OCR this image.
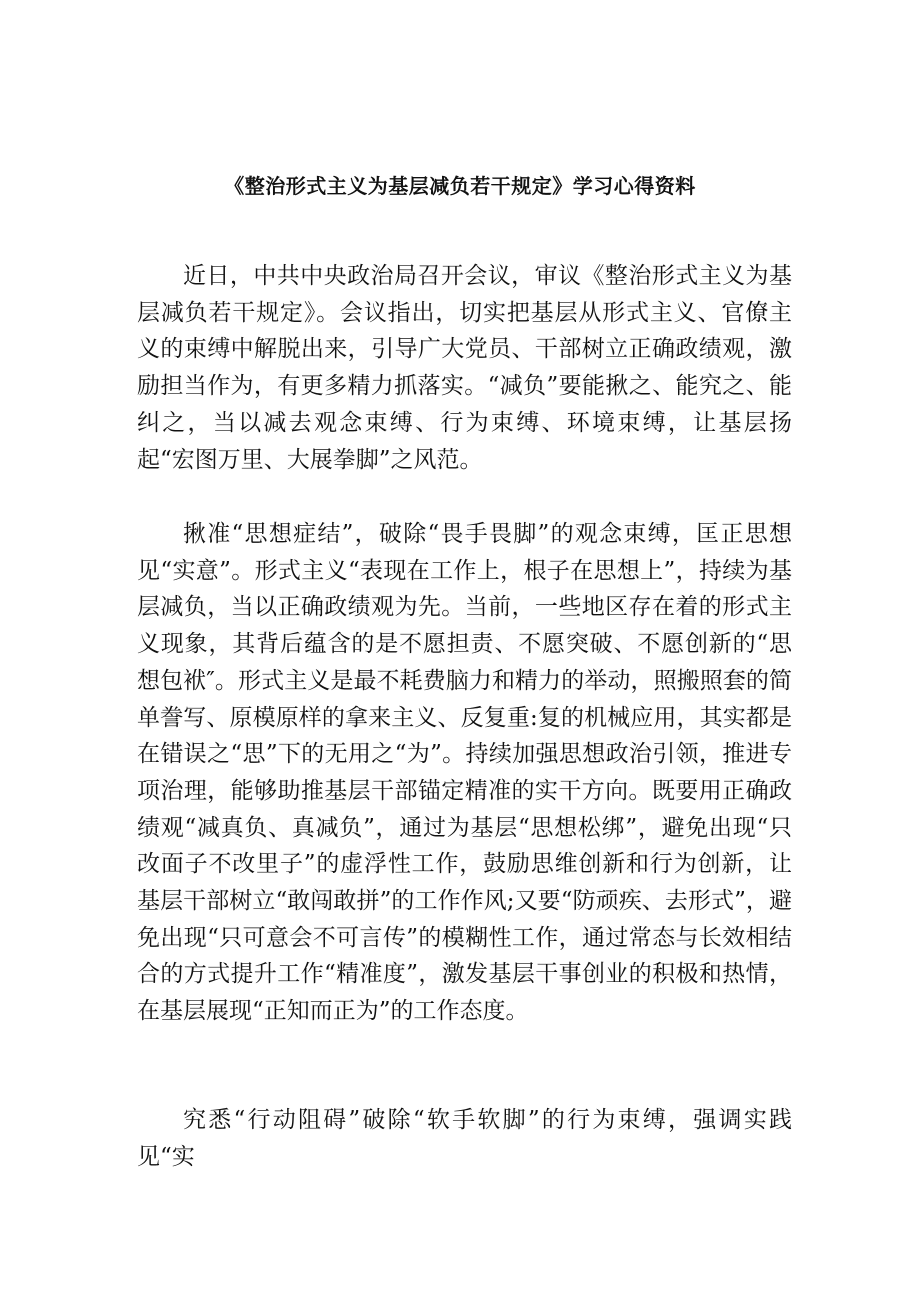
《整治形式主义为基层减负若干规定》学习心得资料

近日，中共中央政治局召开会议，审议《整治形式主义为基层减负若干规定》。会议指出，切实把基层从形式主义、官僚主义的束缚中解脱出来，引导广大党员、干部树立正确政绩观，激励担当作为，有更多精力抓落实。“减负”要能揪之、能究之、能纠之，当以减去观念束缚、行为束缚、环境束缚，让基层扬起“宏图万里、大展拳脚”之风范。

揪准“思想症结”，破除“畏手畏脚”的观念束缚，匡正思想见“实意”。形式主义“表现在工作上，根子在思想上”，持续为基层减负，当以正确政绩观为先。当前，一些地区存在着的形式主义现象，其背后蕴含的是不愿担责、不愿突破、不愿创新的“思想包袱″。形式主义是最不耗费脑力和精力的举动，照搬照套的简单誊写、原模原样的拿来主义、反复重:复的机械应用，其实都是在错误之“思”下的无用之“为”。持续加强思想政治引领，推进专项治理，能够助推基层干部锚定精准的实干方向。既要用正确政绩观“减真负、真减负”，通过为基层“思想松绑”，避免出现“只改面子不改里子”的虚浮性工作，鼓励思维创新和行为创新，让基层干部树立“敢闯敢拼”的工作作风;又要“防顽疾、去形式”，避免出现“只可意会不可言传”的模糊性工作，通过常态与长效相结合的方式提升工作“精准度”，激发基层干事创业的积极和热情，在基层展现“正知而正为”的工作态度。

究悉“行动阻碍”破除“软手软脚”的行为束缚，强调实践见“实
